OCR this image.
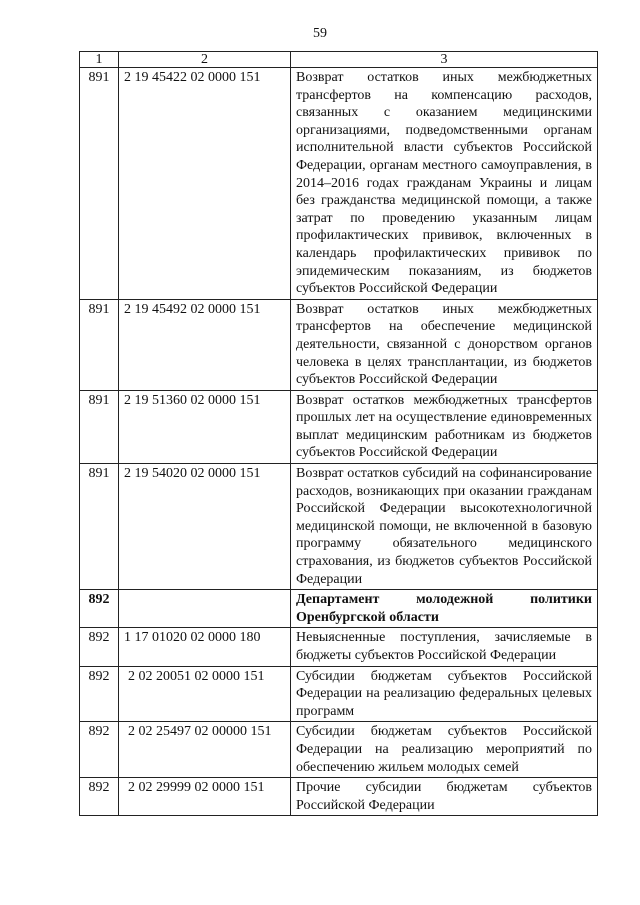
59
1	2	3
891	2 19 45422 02 0000 151	Возврат остатков иных межбюджетных трансфертов на компенсацию расходов, связанных с оказанием медицинскими организациями, подведомственными органам исполнительной власти субъектов Российской Федерации, органам местного самоуправления, в 2014–2016 годах гражданам Украины и лицам без гражданства медицинской помощи, а также затрат по проведению указанным лицам профилактических прививок, включенных в календарь профилактических прививок по эпидемическим показаниям, из бюджетов субъектов Российской Федерации
891	2 19 45492 02 0000 151	Возврат остатков иных межбюджетных трансфертов на обеспечение медицинской деятельности, связанной с донорством органов человека в целях трансплантации, из бюджетов субъектов Российской Федерации
891	2 19 51360 02 0000 151	Возврат остатков межбюджетных трансфертов прошлых лет на осуществление единовременных выплат медицинским работникам из бюджетов субъектов Российской Федерации
891	2 19 54020 02 0000 151	Возврат остатков субсидий на софинансирование расходов, возникающих при оказании гражданам Российской Федерации высокотехнологичной медицинской помощи, не включенной в базовую программу обязательного медицинского страхования, из бюджетов субъектов Российской Федерации
892		Департамент молодежной политики Оренбургской области
892	1 17 01020 02 0000 180	Невыясненные поступления, зачисляемые в бюджеты субъектов Российской Федерации
892	2 02 20051 02 0000 151	Субсидии бюджетам субъектов Российской Федерации на реализацию федеральных целевых программ
892	2 02 25497 02 00000 151	Субсидии бюджетам субъектов Российской Федерации на реализацию мероприятий по обеспечению жильем молодых семей
892	2 02 29999 02 0000 151	Прочие субсидии бюджетам субъектов Российской Федерации
